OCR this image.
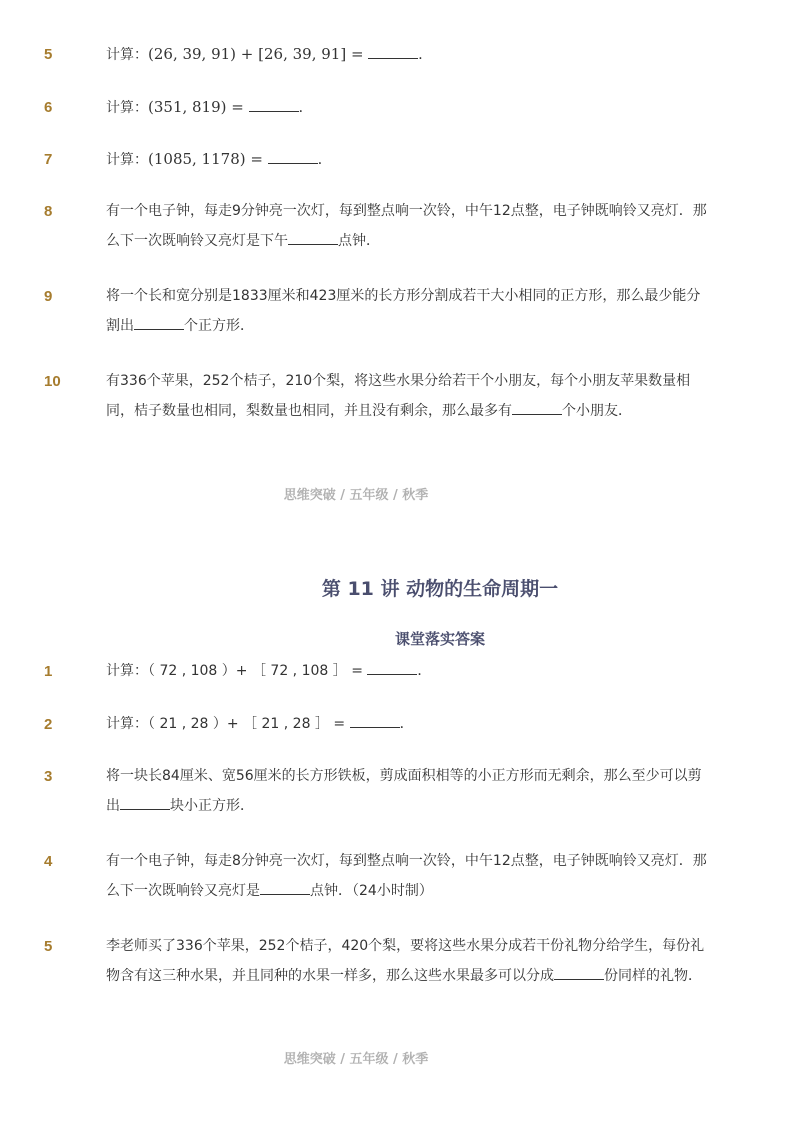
5	计算：(26, 39, 91) + [26, 39, 91] =	．
6	计算：(351, 819) =	．
7	计算：(1085, 1178) =	．
8	有一个电子钟，每走9分钟亮一次灯，每到整点响一次铃，中午12点整，电子钟既响铃又亮灯．那
么下一次既响铃又亮灯是下午	点钟．
9	将一个长和宽分别是1833厘米和423厘米的长方形分割成若干大小相同的正方形，那么最少能分
割出	个正方形．
10	有336个苹果，252个桔子，210个梨，将这些水果分给若干个小朋友，每个小朋友苹果数量相
同，桔子数量也相同，梨数量也相同，并且没有剩余，那么最多有	个小朋友．
思维突破 / 五年级 / 秋季
第 11 讲 动物的生命周期一
课堂落实答案
1	计算：（ 72 , 108 ）+ ［ 72 , 108 ］ =	．
2	计算：（ 21 , 28 ）+ ［ 21 , 28 ］ =	．
3	将一块长84厘米、宽56厘米的长方形铁板，剪成面积相等的小正方形而无剩余，那么至少可以剪
出	块小正方形．
4	有一个电子钟，每走8分钟亮一次灯，每到整点响一次铃，中午12点整，电子钟既响铃又亮灯．那
么下一次既响铃又亮灯是	点钟．（24小时制）
5	李老师买了336个苹果，252个桔子，420个梨，要将这些水果分成若干份礼物分给学生，每份礼
物含有这三种水果，并且同种的水果一样多，那么这些水果最多可以分成	份同样的礼物．
思维突破 / 五年级 / 秋季
